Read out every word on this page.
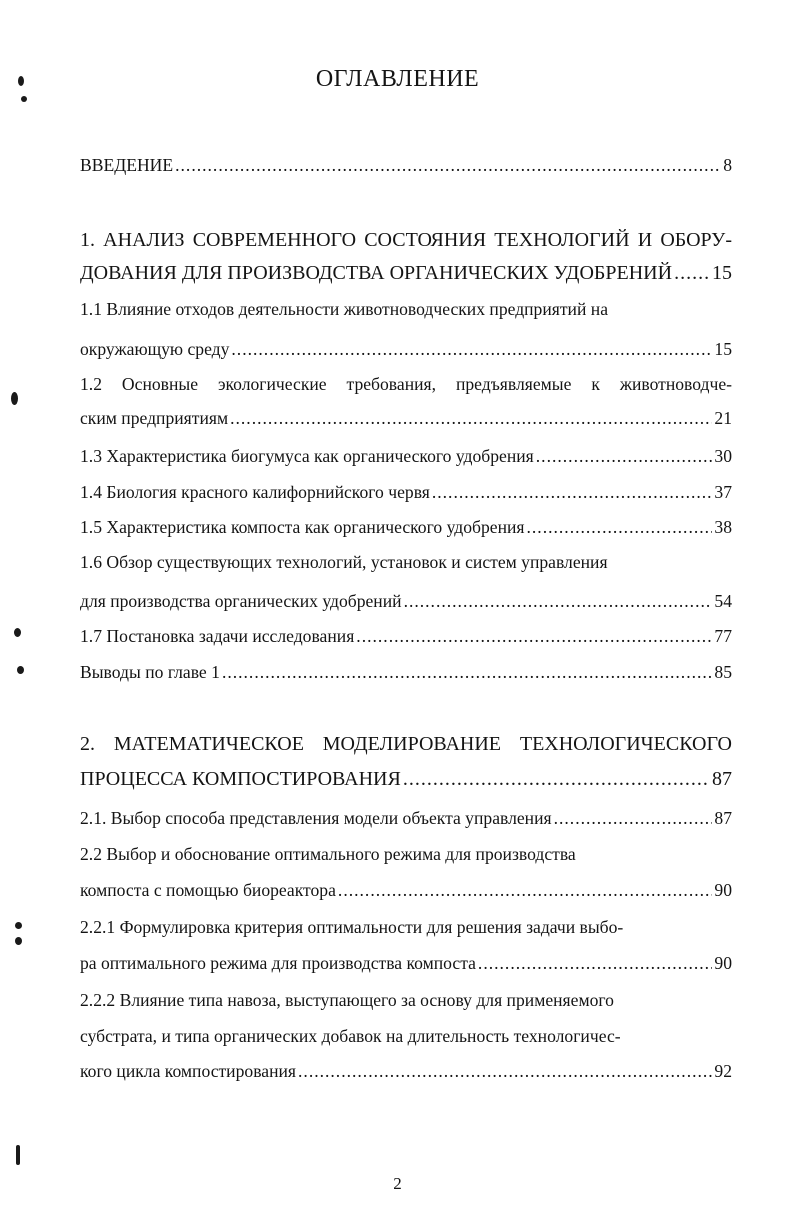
ОГЛАВЛЕНИЕ
ВВЕДЕНИЕ .....	8
1. АНАЛИЗ СОВРЕМЕННОГО СОСТОЯНИЯ ТЕХНОЛОГИЙ И ОБОРУ-
ДОВАНИЯ ДЛЯ ПРОИЗВОДСТВА ОРГАНИЧЕСКИХ УДОБРЕНИЙ ..... 15
1.1 Влияние отходов деятельности животноводческих предприятий на
окружающую среду .....	15
1.2 Основные экологические требования, предъявляемые к животноводче-
ским предприятиям .....	21
1.3 Характеристика биогумуса как органического удобрения .....	30
1.4 Биология красного калифорнийского червя .....	37
1.5 Характеристика компоста как органического удобрения .....	38
1.6 Обзор существующих технологий, установок и систем управления
для производства органических удобрений .....	54
1.7 Постановка задачи исследования .....	77
Выводы по главе 1 .....	85
2. МАТЕМАТИЧЕСКОЕ МОДЕЛИРОВАНИЕ ТЕХНОЛОГИЧЕСКОГО
ПРОЦЕССА КОМПОСТИРОВАНИЯ .....	87
2.1. Выбор способа представления модели объекта управления .....	87
2.2 Выбор и обоснование оптимального режима для производства
компоста с помощью биореактора .....	90
2.2.1 Формулировка критерия оптимальности для решения задачи выбо-
ра оптимального режима для производства компоста .....	90
2.2.2 Влияние типа навоза, выступающего за основу для применяемого
субстрата, и типа органических добавок на длительность технологичес-
кого цикла компостирования .....	92
2
